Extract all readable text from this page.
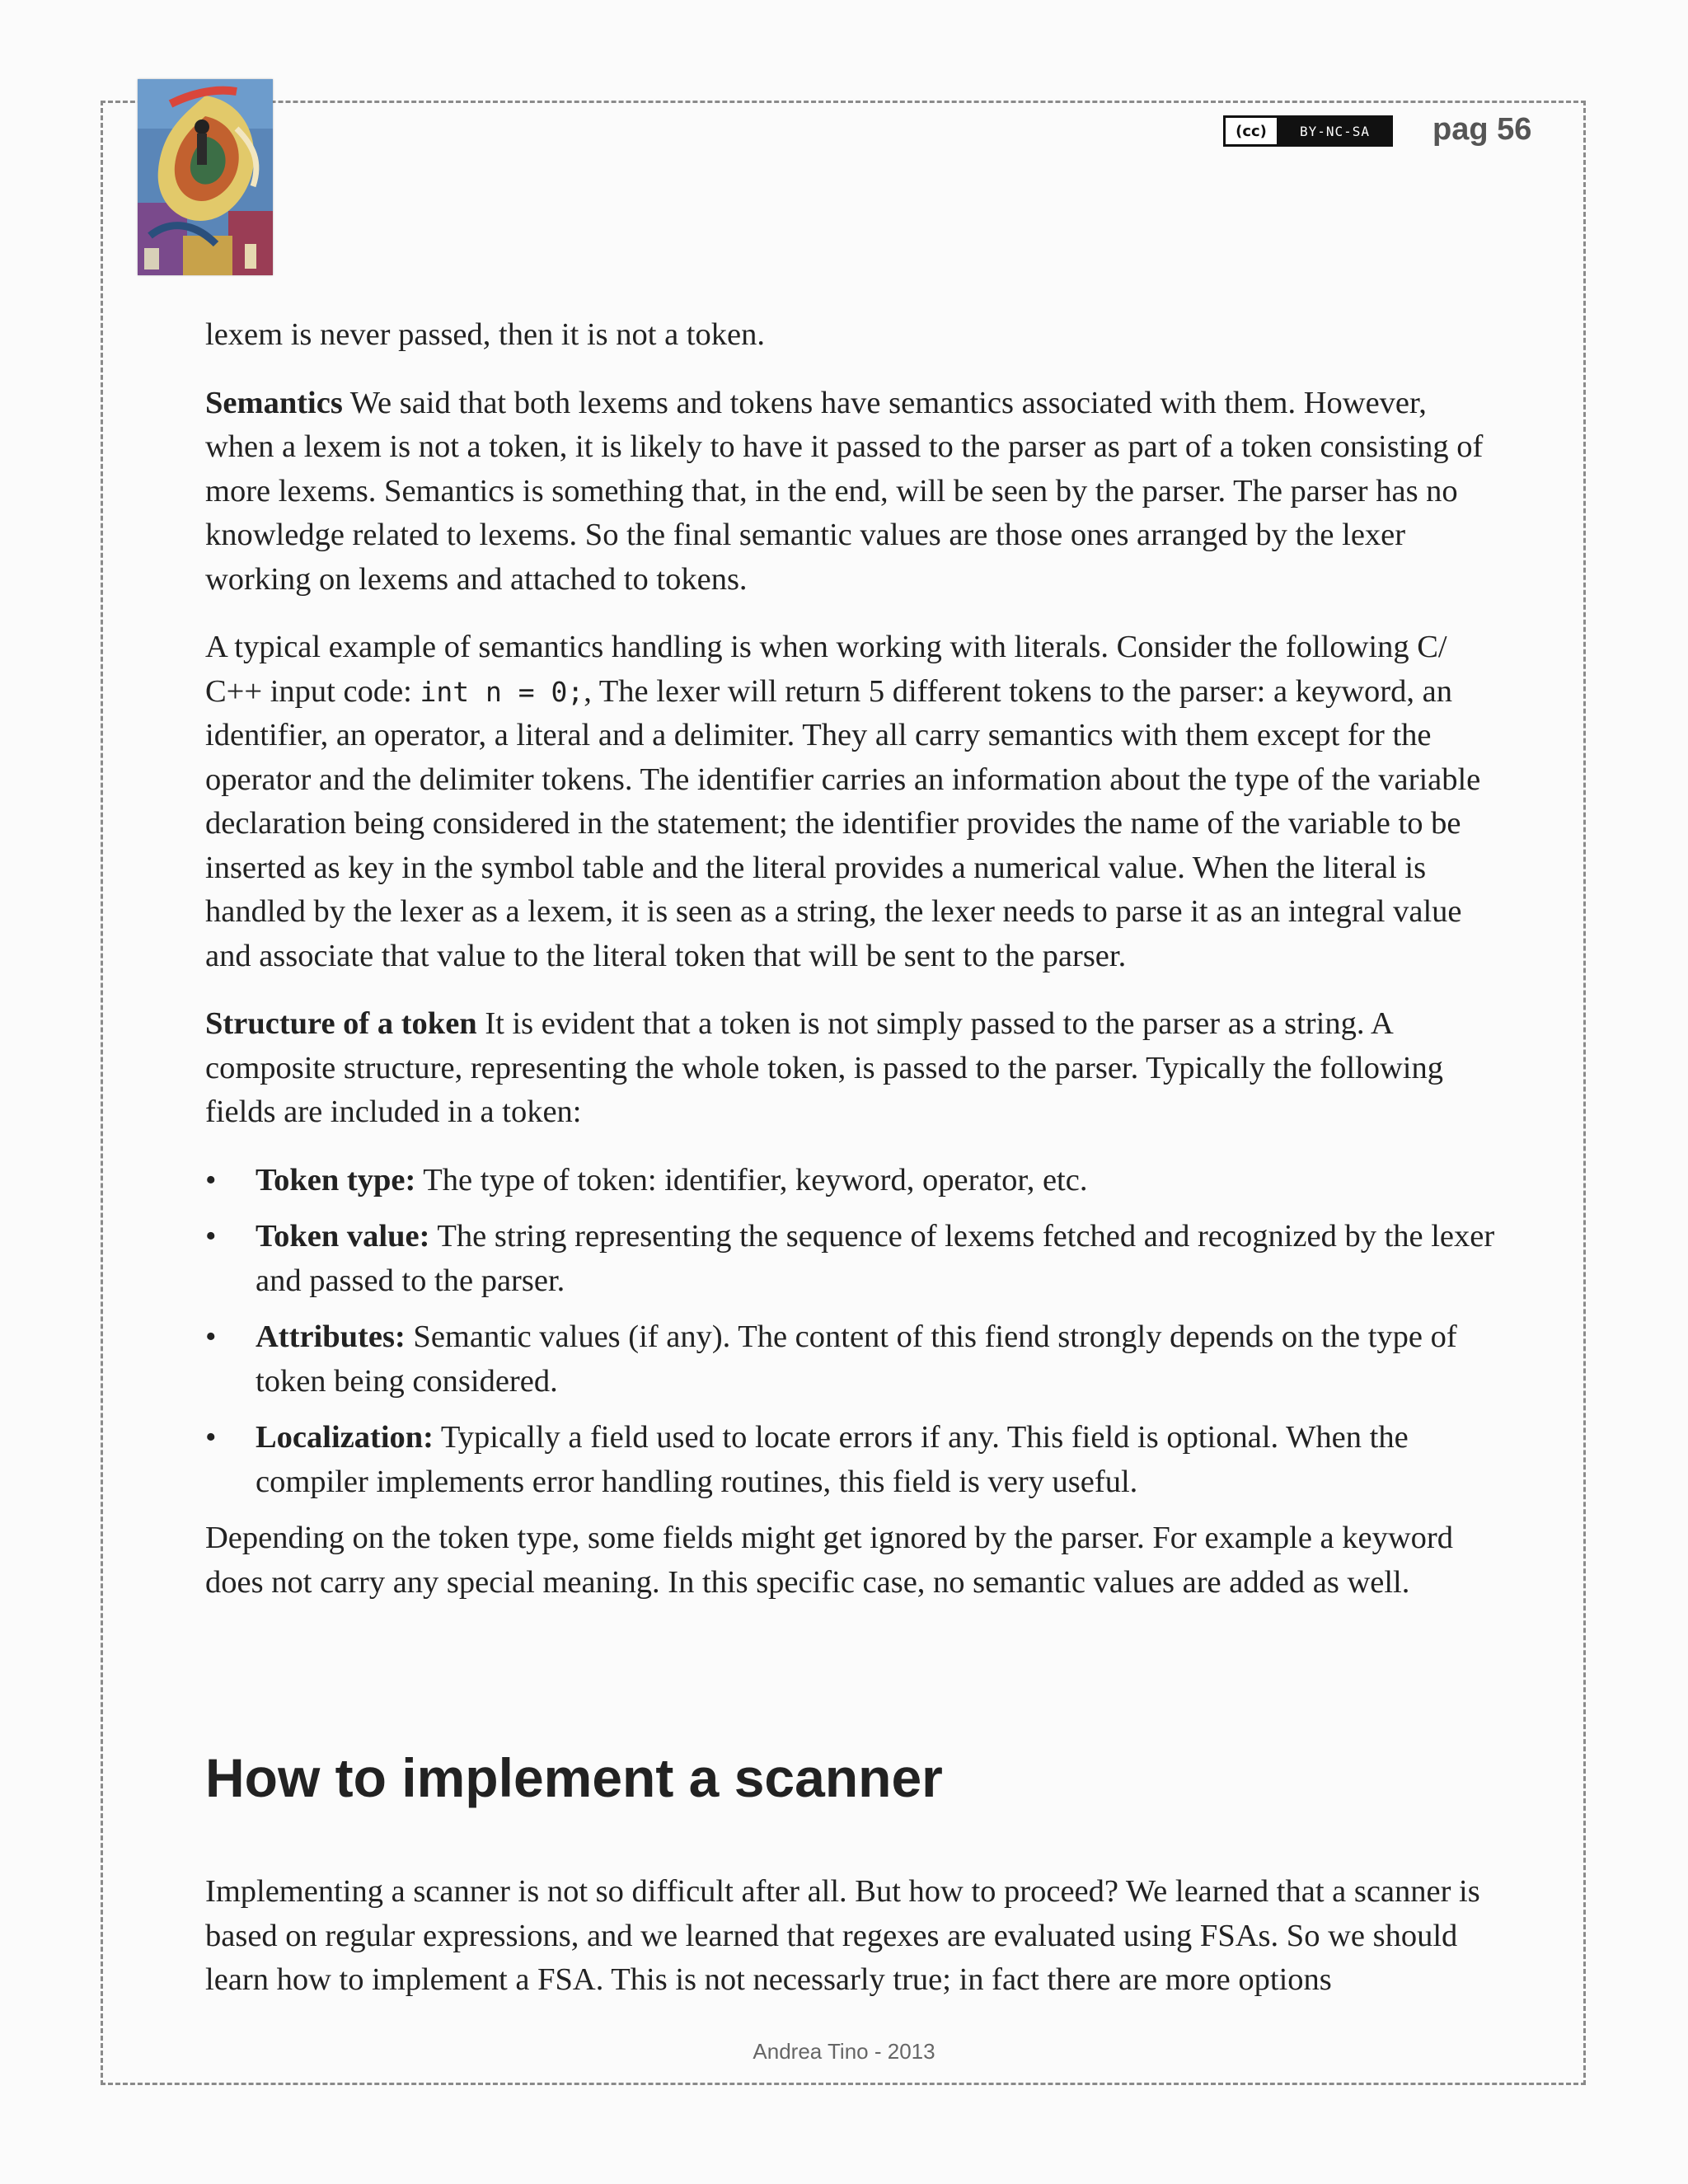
(cc)	BY-NC-SA	pag 56

lexem is never passed, then it is not a token.

Semantics We said that both lexems and tokens have semantics associated with them. However, when a lexem is not a token, it is likely to have it passed to the parser as part of a token consisting of more lexems. Semantics is something that, in the end, will be seen by the parser. The parser has no knowledge related to lexems. So the final semantic values are those ones arranged by the lexer working on lexems and attached to tokens.

A typical example of semantics handling is when working with literals. Consider the following C/ C++ input code: int n = 0;, The lexer will return 5 different tokens to the parser: a keyword, an identifier, an operator, a literal and a delimiter. They all carry semantics with them except for the operator and the delimiter tokens. The identifier carries an information about the type of the variable declaration being considered in the statement; the identifier provides the name of the variable to be inserted as key in the symbol table and the literal provides a numerical value. When the literal is handled by the lexer as a lexem, it is seen as a string, the lexer needs to parse it as an integral value and associate that value to the literal token that will be sent to the parser.

Structure of a token It is evident that a token is not simply passed to the parser as a string. A composite structure, representing the whole token, is passed to the parser. Typically the following fields are included in a token:

• Token type: The type of token: identifier, keyword, operator, etc.
• Token value: The string representing the sequence of lexems fetched and recognized by the lexer and passed to the parser.
• Attributes: Semantic values (if any). The content of this fiend strongly depends on the type of token being considered.
• Localization: Typically a field used to locate errors if any. This field is optional. When the compiler implements error handling routines, this field is very useful.

Depending on the token type, some fields might get ignored by the parser. For example a keyword does not carry any special meaning. In this specific case, no semantic values are added as well.

How to implement a scanner

Implementing a scanner is not so difficult after all. But how to proceed? We learned that a scanner is based on regular expressions, and we learned that regexes are evaluated using FSAs. So we should learn how to implement a FSA. This is not necessarly true; in fact there are more options

Andrea Tino - 2013
